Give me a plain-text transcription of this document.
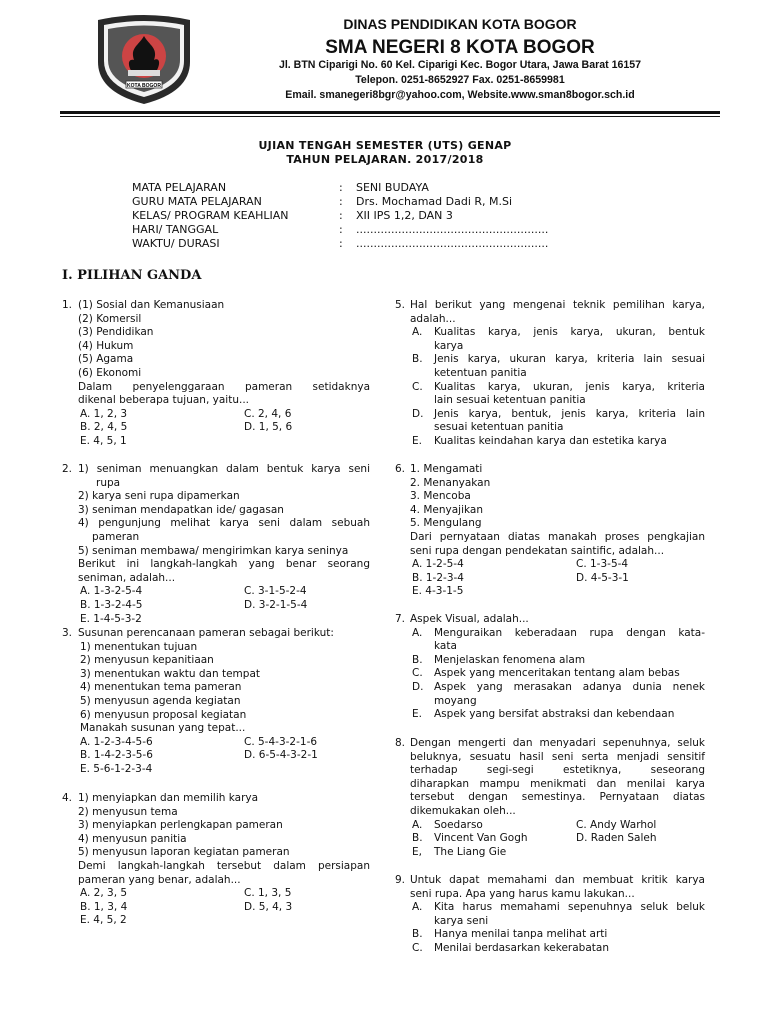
KOTA BOGOR
DINAS PENDIDIKAN KOTA BOGOR
SMA NEGERI 8 KOTA BOGOR
Jl. BTN Ciparigi No. 60 Kel. Ciparigi Kec. Bogor Utara, Jawa Barat 16157
Telepon. 0251-8652927 Fax. 0251-8659981
Email. smanegeri8bgr@yahoo.com, Website.www.sman8bogor.sch.id
UJIAN TENGAH SEMESTER (UTS) GENAP
TAHUN PELAJARAN. 2017/2018
MATA PELAJARAN	: SENI BUDAYA
GURU MATA PELAJARAN	: Drs. Mochamad Dadi R, M.Si
KELAS/ PROGRAM KEAHLIAN	: XII IPS 1,2, DAN 3
HARI/ TANGGAL	: .......................................................
WAKTU/ DURASI	: .......................................................
I. PILIHAN GANDA
1. (1) Sosial dan Kemanusiaan
(2) Komersil
(3) Pendidikan
(4) Hukum
(5) Agama
(6) Ekonomi
Dalam penyelenggaraan pameran setidaknya
dikenal beberapa tujuan, yaitu...
A. 1, 2, 3	C. 2, 4, 6
B. 2, 4, 5	D. 1, 5, 6
E. 4, 5, 1
2. 1) seniman menuangkan dalam bentuk karya seni
rupa
2) karya seni rupa dipamerkan
3) seniman mendapatkan ide/ gagasan
4) pengunjung melihat karya seni dalam sebuah
pameran
5) seniman membawa/ mengirimkan karya seninya
Berikut ini langkah-langkah yang benar seorang
seniman, adalah...
A. 1-3-2-5-4	C. 3-1-5-2-4
B. 1-3-2-4-5	D. 3-2-1-5-4
E. 1-4-5-3-2
3. Susunan perencanaan pameran sebagai berikut:
1) menentukan tujuan
2) menyusun kepanitiaan
3) menentukan waktu dan tempat
4) menentukan tema pameran
5) menyusun agenda kegiatan
6) menyusun proposal kegiatan
Manakah susunan yang tepat...
A. 1-2-3-4-5-6	C. 5-4-3-2-1-6
B. 1-4-2-3-5-6	D. 6-5-4-3-2-1
E. 5-6-1-2-3-4
4. 1) menyiapkan dan memilih karya
2) menyusun tema
3) menyiapkan perlengkapan pameran
4) menyusun panitia
5) menyusun laporan kegiatan pameran
Demi langkah-langkah tersebut dalam persiapan
pameran yang benar, adalah...
A. 2, 3, 5	C. 1, 3, 5
B. 1, 3, 4	D. 5, 4, 3
E. 4, 5, 2
5. Hal berikut yang mengenai teknik pemilihan karya,
adalah...
A. Kualitas karya, jenis karya, ukuran, bentuk
karya
B. Jenis karya, ukuran karya, kriteria lain sesuai
ketentuan panitia
C. Kualitas karya, ukuran, jenis karya, kriteria
lain sesuai ketentuan panitia
D. Jenis karya, bentuk, jenis karya, kriteria lain
sesuai ketentuan panitia
E. Kualitas keindahan karya dan estetika karya
6. 1. Mengamati
2. Menanyakan
3. Mencoba
4. Menyajikan
5. Mengulang
Dari pernyataan diatas manakah proses pengkajian
seni rupa dengan pendekatan saintific, adalah...
A. 1-2-5-4	C. 1-3-5-4
B. 1-2-3-4	D. 4-5-3-1
E. 4-3-1-5
7. Aspek Visual, adalah...
A. Menguraikan keberadaan rupa dengan kata-
kata
B. Menjelaskan fenomena alam
C. Aspek yang menceritakan tentang alam bebas
D. Aspek yang merasakan adanya dunia nenek
moyang
E. Aspek yang bersifat abstraksi dan kebendaan
8. Dengan mengerti dan menyadari sepenuhnya, seluk
beluknya, sesuatu hasil seni serta menjadi sensitif
terhadap segi-segi estetiknya, seseorang
diharapkan mampu menikmati dan menilai karya
tersebut dengan semestinya. Pernyataan diatas
dikemukakan oleh...
A. Soedarso	C. Andy Warhol
B. Vincent Van Gogh	D. Raden Saleh
E, The Liang Gie
9. Untuk dapat memahami dan membuat kritik karya
seni rupa. Apa yang harus kamu lakukan...
A. Kita harus memahami sepenuhnya seluk beluk
karya seni
B. Hanya menilai tanpa melihat arti
C. Menilai berdasarkan kekerabatan
